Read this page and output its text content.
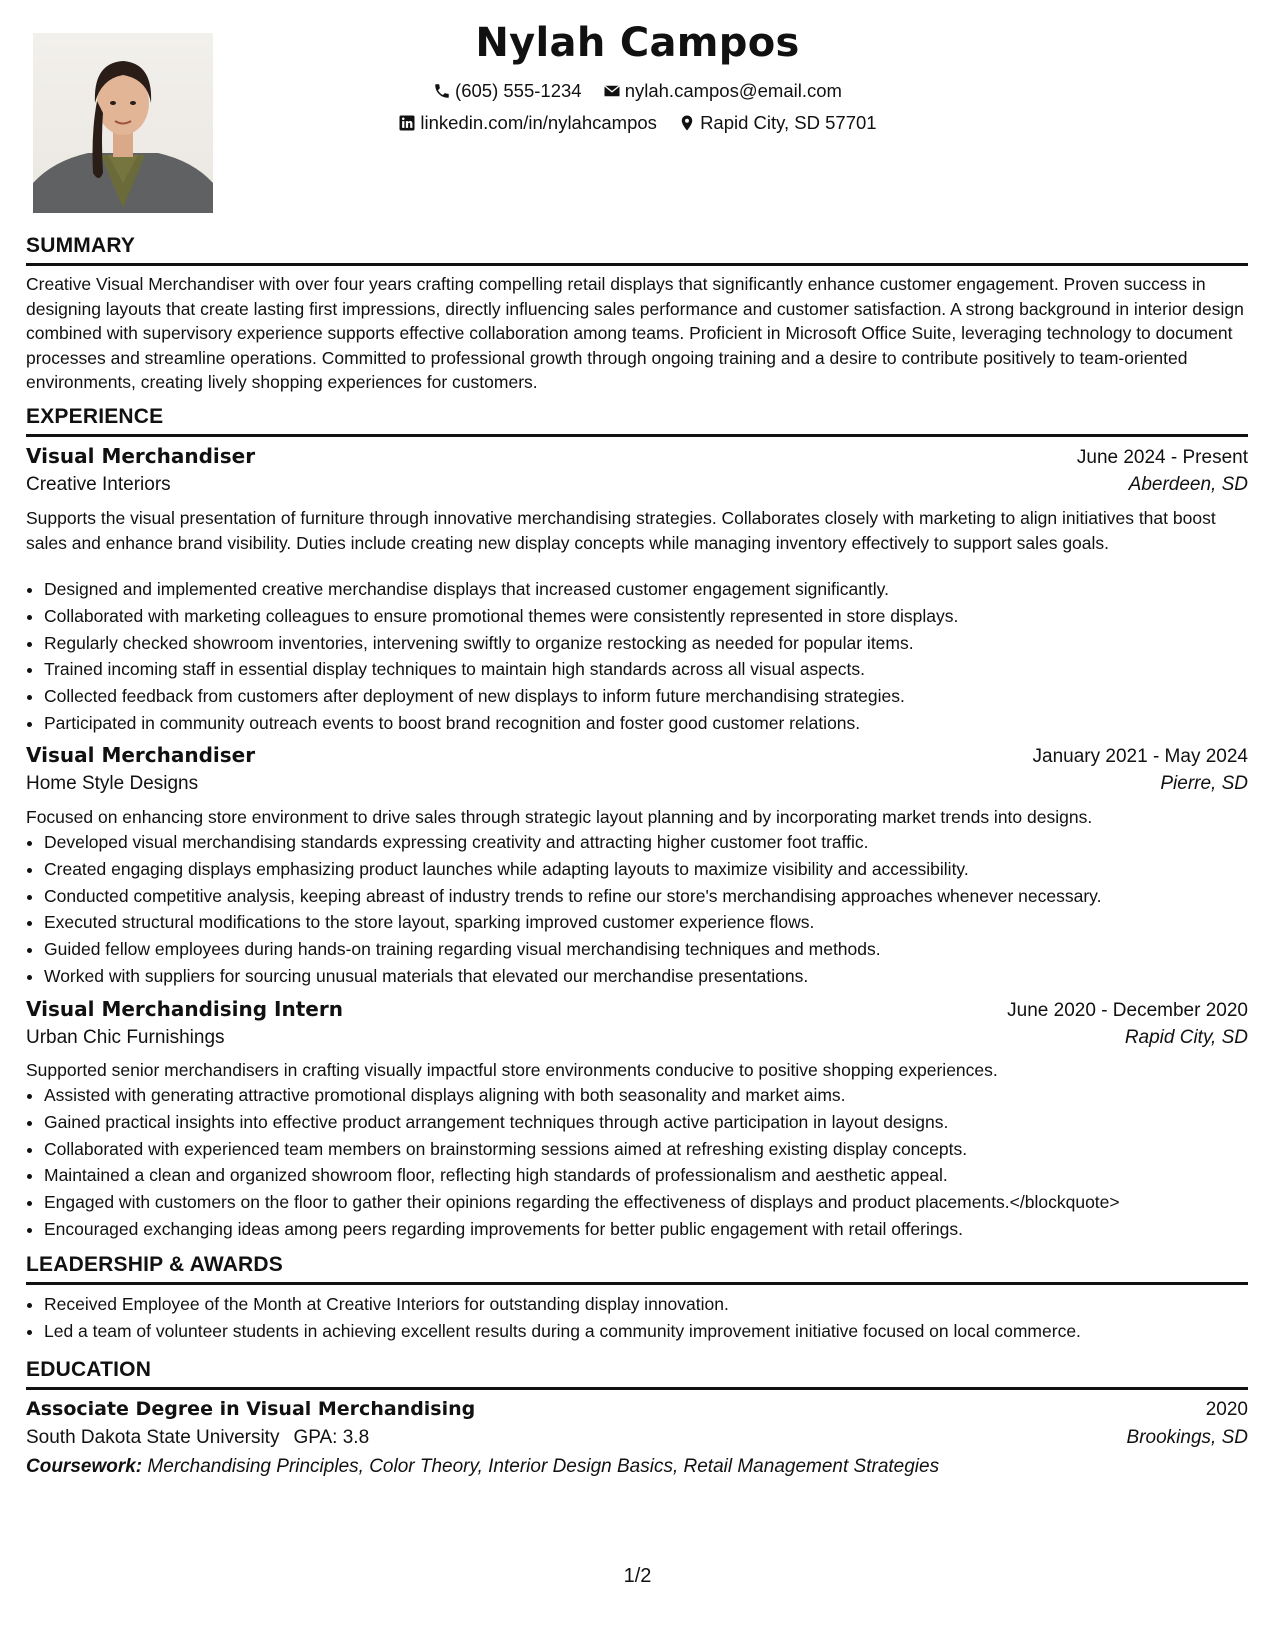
Nylah Campos
(605) 555-1234
nylah.campos@email.com
linkedin.com/in/nylahcampos
Rapid City, SD 57701
SUMMARY
Creative Visual Merchandiser with over four years crafting compelling retail displays that significantly enhance customer engagement. Proven success in designing layouts that create lasting first impressions, directly influencing sales performance and customer satisfaction. A strong background in interior design combined with supervisory experience supports effective collaboration among teams. Proficient in Microsoft Office Suite, leveraging technology to document processes and streamline operations. Committed to professional growth through ongoing training and a desire to contribute positively to team-oriented environments, creating lively shopping experiences for customers.
EXPERIENCE
Visual Merchandiser	June 2024 - Present
Creative Interiors	Aberdeen, SD
Supports the visual presentation of furniture through innovative merchandising strategies. Collaborates closely with marketing to align initiatives that boost sales and enhance brand visibility. Duties include creating new display concepts while managing inventory effectively to support sales goals.
• Designed and implemented creative merchandise displays that increased customer engagement significantly.
• Collaborated with marketing colleagues to ensure promotional themes were consistently represented in store displays.
• Regularly checked showroom inventories, intervening swiftly to organize restocking as needed for popular items.
• Trained incoming staff in essential display techniques to maintain high standards across all visual aspects.
• Collected feedback from customers after deployment of new displays to inform future merchandising strategies.
• Participated in community outreach events to boost brand recognition and foster good customer relations.
Visual Merchandiser	January 2021 - May 2024
Home Style Designs	Pierre, SD
Focused on enhancing store environment to drive sales through strategic layout planning and by incorporating market trends into designs.
• Developed visual merchandising standards expressing creativity and attracting higher customer foot traffic.
• Created engaging displays emphasizing product launches while adapting layouts to maximize visibility and accessibility.
• Conducted competitive analysis, keeping abreast of industry trends to refine our store's merchandising approaches whenever necessary.
• Executed structural modifications to the store layout, sparking improved customer experience flows.
• Guided fellow employees during hands-on training regarding visual merchandising techniques and methods.
• Worked with suppliers for sourcing unusual materials that elevated our merchandise presentations.
Visual Merchandising Intern	June 2020 - December 2020
Urban Chic Furnishings	Rapid City, SD
Supported senior merchandisers in crafting visually impactful store environments conducive to positive shopping experiences.
• Assisted with generating attractive promotional displays aligning with both seasonality and market aims.
• Gained practical insights into effective product arrangement techniques through active participation in layout designs.
• Collaborated with experienced team members on brainstorming sessions aimed at refreshing existing display concepts.
• Maintained a clean and organized showroom floor, reflecting high standards of professionalism and aesthetic appeal.
• Engaged with customers on the floor to gather their opinions regarding the effectiveness of displays and product placements.</blockquote>
• Encouraged exchanging ideas among peers regarding improvements for better public engagement with retail offerings.
LEADERSHIP & AWARDS
• Received Employee of the Month at Creative Interiors for outstanding display innovation.
• Led a team of volunteer students in achieving excellent results during a community improvement initiative focused on local commerce.
EDUCATION
Associate Degree in Visual Merchandising	2020
South Dakota State University GPA: 3.8	Brookings, SD
Coursework: Merchandising Principles, Color Theory, Interior Design Basics, Retail Management Strategies
1/2
